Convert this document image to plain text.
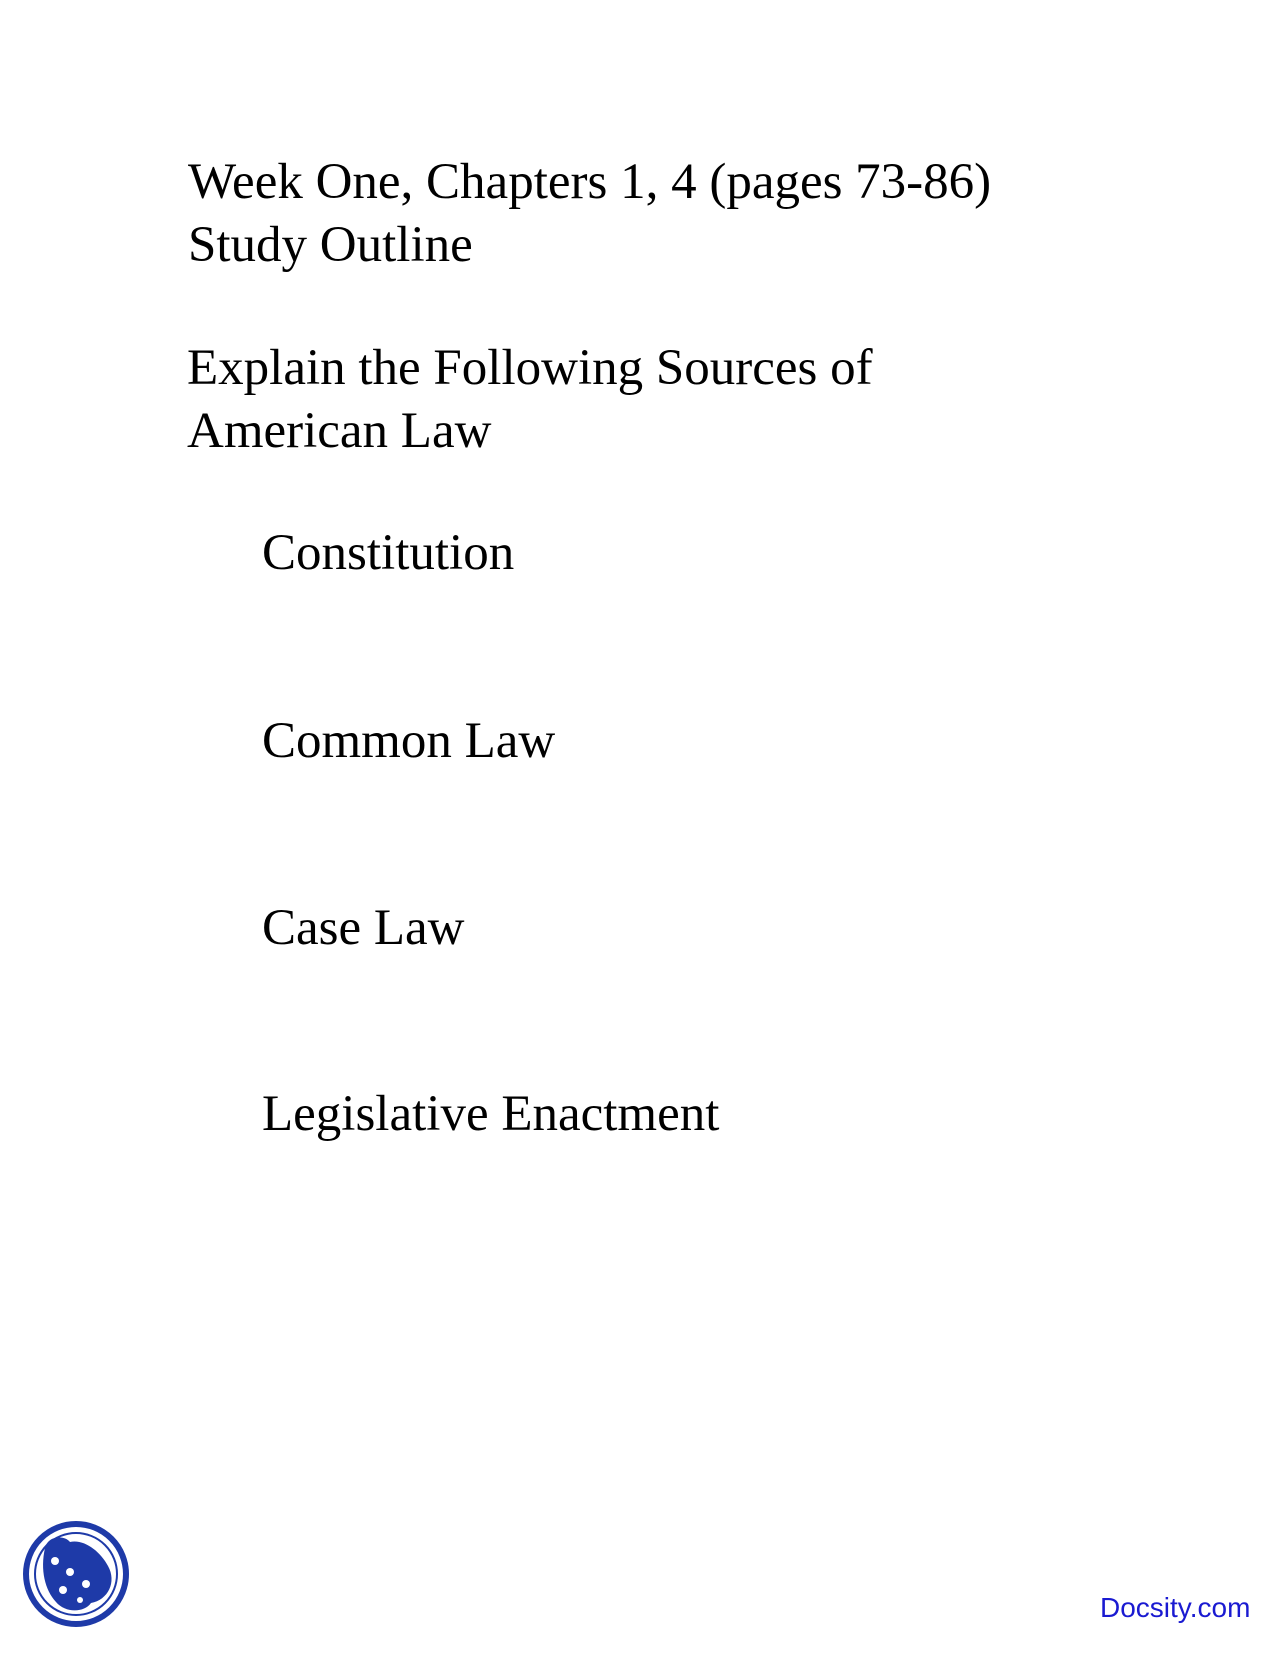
Week One, Chapters 1, 4 (pages 73-86)
Study Outline

Explain the Following Sources of

American Law

Constitution

Common Law

Case Law

Legislative Enactment

Docsity.com
